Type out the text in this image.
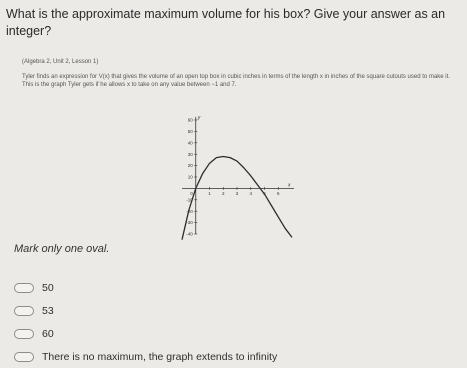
What is the approximate maximum volume for his box? Give your answer as an integer?
(Algebra 2, Unit 2, Lesson 1)
Tyler finds an expression for V(x) that gives the volume of an open top box in cubic inches in terms of the length x in inches of the square cutouts used to make it. This is the graph Tyler gets if he allows x to take on any value between −1 and 7.
x
y
1 2 3 4 5 6
60
50
40
30
20
10
-10
-20
-30
-40
0
Mark only one oval.
50
53
60
There is no maximum, the graph extends to infinity
